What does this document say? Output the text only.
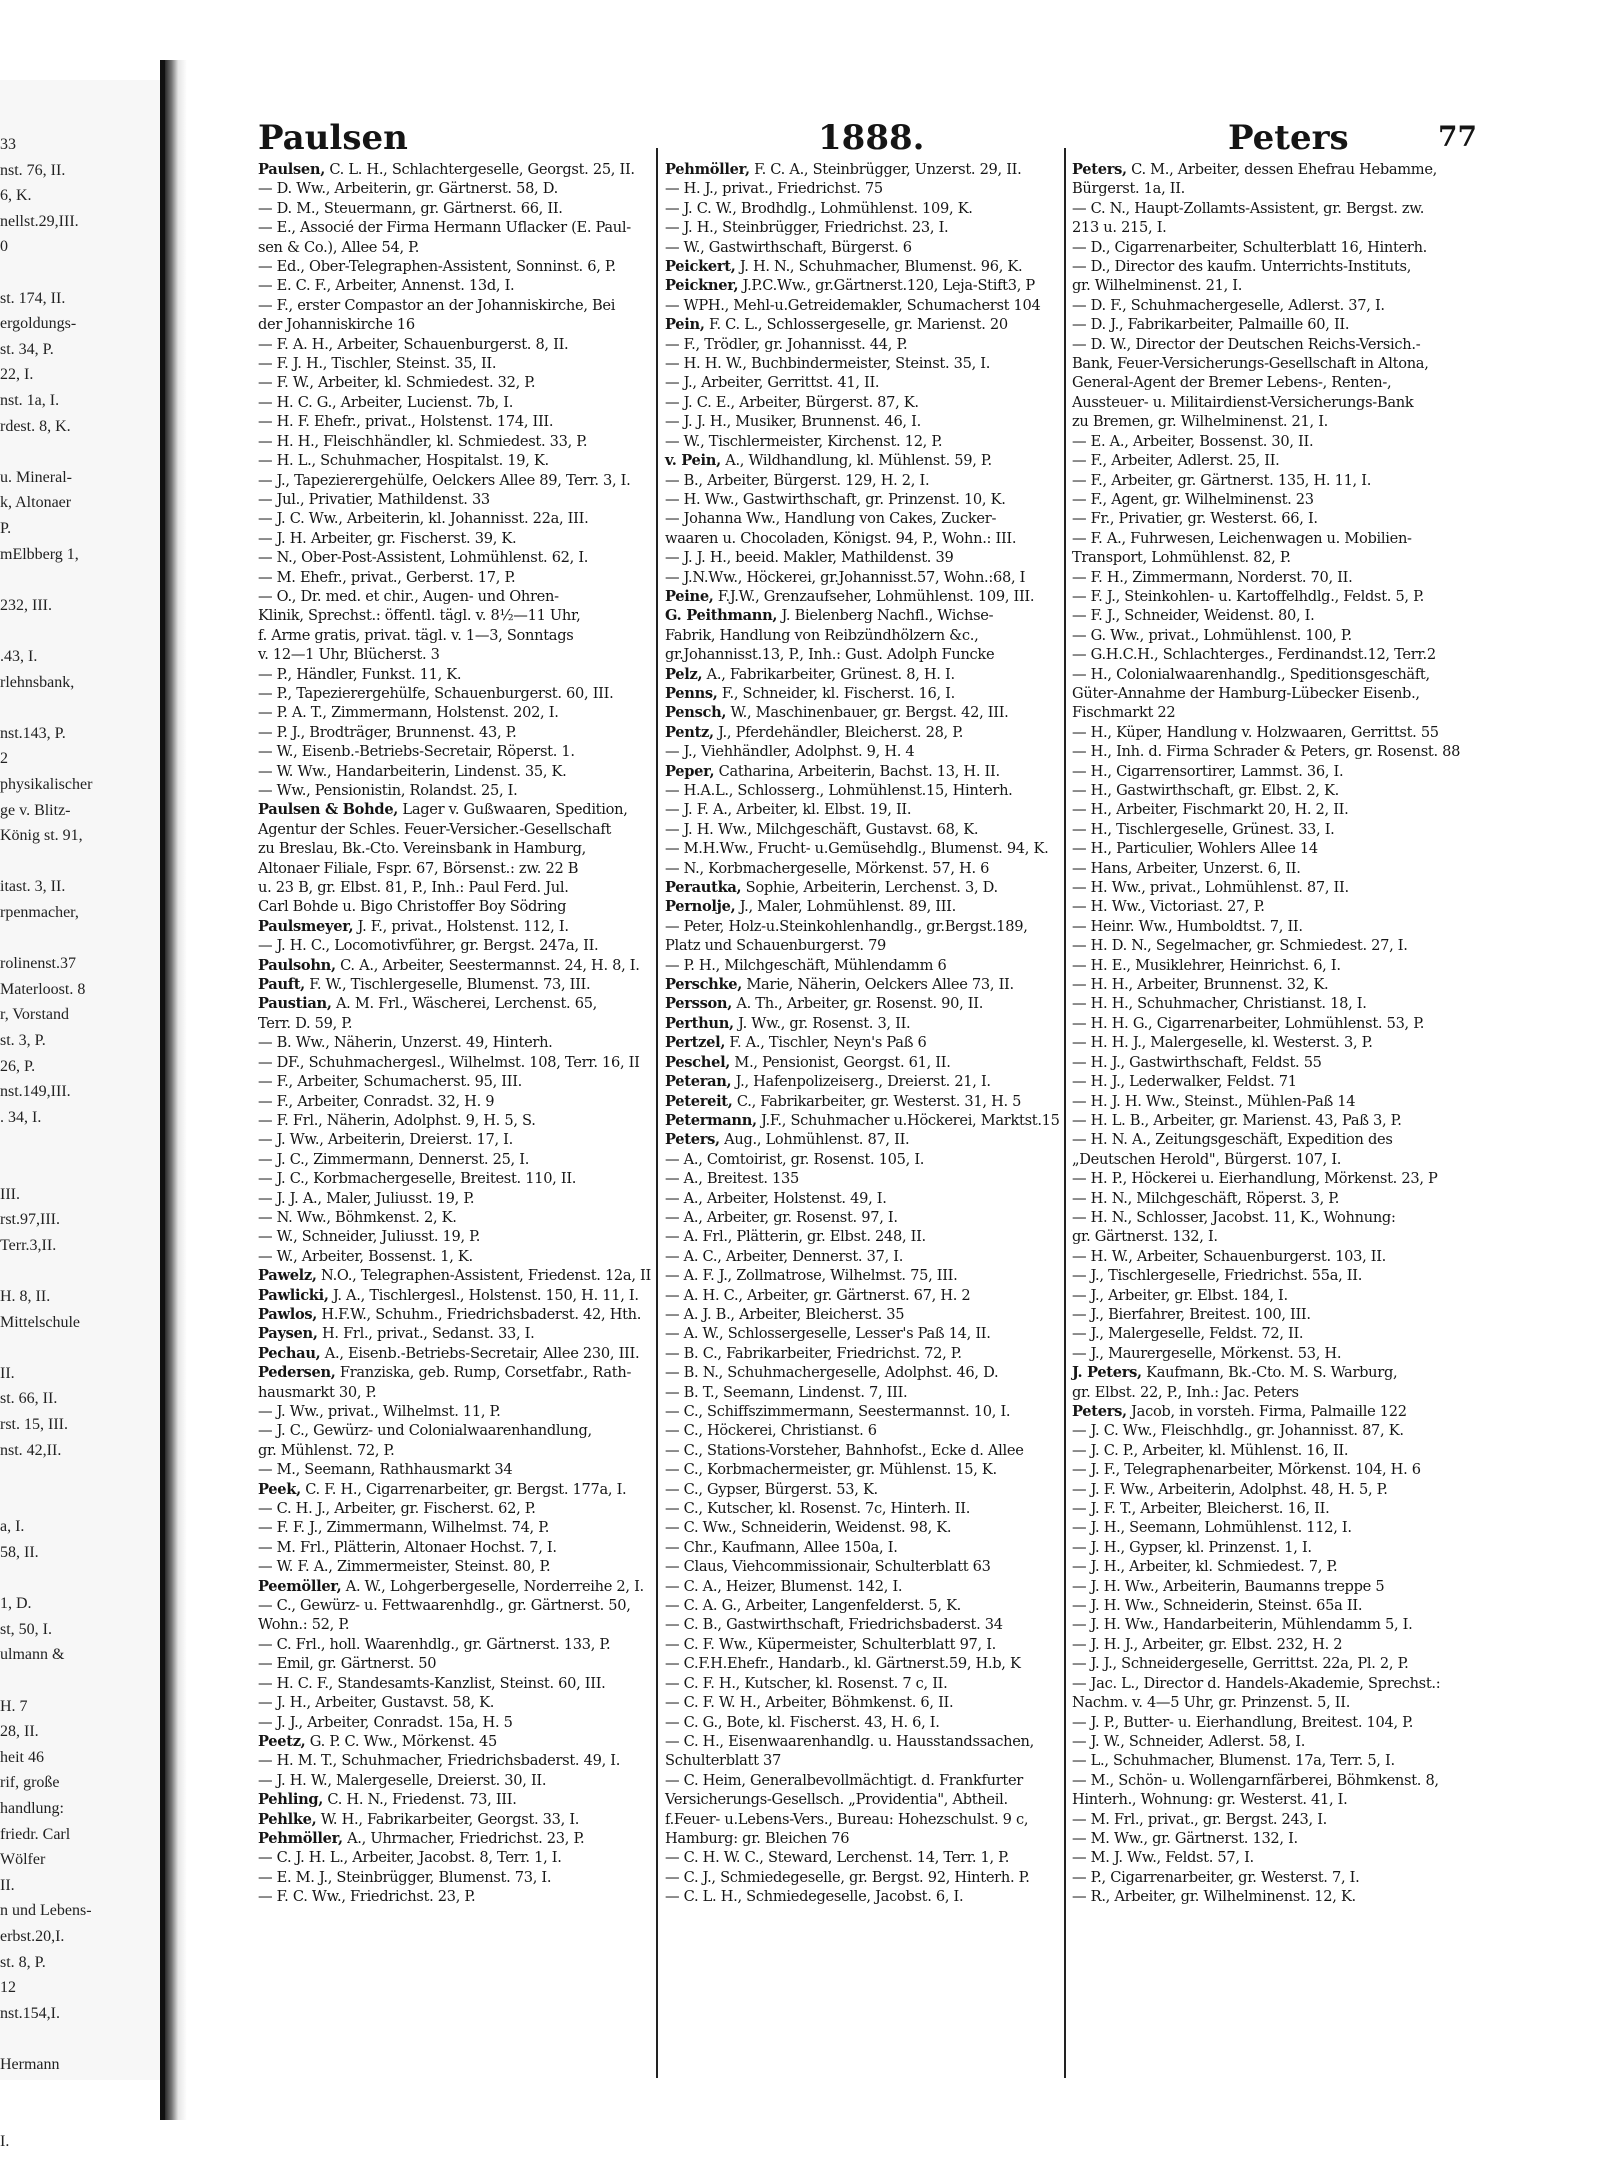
33
nst. 76, II.
6, K.
nellst.29,III.
0
st. 174, II.
ergoldungs-
st. 34, P.
22, I.
nst. 1a, I.
rdest. 8, K.
u. Mineral-
k, Altonaer
P.
mElbberg 1,
232, III.
.43, I.
rlehnsbank,
nst.143, P.
2
physikalischer
ge v. Blitz-
König st. 91,
itast. 3, II.
rpenmacher,
rolinenst.37
Materloost. 8
r, Vorstand
st. 3, P.
26, P.
nst.149,III.
. 34, I.
III.
rst.97,III.
Terr.3,II.
H. 8, II.
Mittelschule
II.
st. 66, II.
rst. 15, III.
nst. 42,II.
a, I.
58, II.
1, D.
st, 50, I.
ulmann &
H. 7
28, II.
heit 46
rif, große
handlung:
friedr. Carl
Wölfer
II.
n und Lebens-
erbst.20,I.
st. 8, P.
12
nst.154,I.
Hermann
I.
Paulsen	1888.	Peters	77
Paulsen, C. L. H., Schlachtergeselle, Georgst. 25, II.
— D. Ww., Arbeiterin, gr. Gärtnerst. 58, D.
— D. M., Steuermann, gr. Gärtnerst. 66, II.
— E., Associé der Firma Hermann Uflacker (E. Paul-
sen & Co.), Allee 54, P.
— Ed., Ober-Telegraphen-Assistent, Sonninst. 6, P.
— E. C. F., Arbeiter, Annenst. 13d, I.
— F., erster Compastor an der Johanniskirche, Bei
der Johanniskirche 16
— F. A. H., Arbeiter, Schauenburgerst. 8, II.
— F. J. H., Tischler, Steinst. 35, II.
— F. W., Arbeiter, kl. Schmiedest. 32, P.
— H. C. G., Arbeiter, Lucienst. 7b, I.
— H. F. Ehefr., privat., Holstenst. 174, III.
— H. H., Fleischhändler, kl. Schmiedest. 33, P.
— H. L., Schuhmacher, Hospitalst. 19, K.
— J., Tapezierergehülfe, Oelckers Allee 89, Terr. 3, I.
— Jul., Privatier, Mathildenst. 33
— J. C. Ww., Arbeiterin, kl. Johannisst. 22a, III.
— J. H. Arbeiter, gr. Fischerst. 39, K.
— N., Ober-Post-Assistent, Lohmühlenst. 62, I.
— M. Ehefr., privat., Gerberst. 17, P.
— O., Dr. med. et chir., Augen- und Ohren-
Klinik, Sprechst.: öffentl. tägl. v. 8½—11 Uhr,
f. Arme gratis, privat. tägl. v. 1—3, Sonntags
v. 12—1 Uhr, Blücherst. 3
— P., Händler, Funkst. 11, K.
— P., Tapezierergehülfe, Schauenburgerst. 60, III.
— P. A. T., Zimmermann, Holstenst. 202, I.
— P. J., Brodträger, Brunnenst. 43, P.
— W., Eisenb.-Betriebs-Secretair, Röperst. 1.
— W. Ww., Handarbeiterin, Lindenst. 35, K.
— Ww., Pensionistin, Rolandst. 25, I.
Paulsen & Bohde, Lager v. Gußwaaren, Spedition,
Agentur der Schles. Feuer-Versicher.-Gesellschaft
zu Breslau, Bk.-Cto. Vereinsbank in Hamburg,
Altonaer Filiale, Fspr. 67, Börsenst.: zw. 22 B
u. 23 B, gr. Elbst. 81, P., Inh.: Paul Ferd. Jul.
Carl Bohde u. Bigo Christoffer Boy Södring
Paulsmeyer, J. F., privat., Holstenst. 112, I.
— J. H. C., Locomotivführer, gr. Bergst. 247a, II.
Paulsohn, C. A., Arbeiter, Seestermannst. 24, H. 8, I.
Pauft, F. W., Tischlergeselle, Blumenst. 73, III.
Paustian, A. M. Frl., Wäscherei, Lerchenst. 65,
Terr. D. 59, P.
— B. Ww., Näherin, Unzerst. 49, Hinterh.
— DF., Schuhmachergesl., Wilhelmst. 108, Terr. 16, II
— F., Arbeiter, Schumacherst. 95, III.
— F., Arbeiter, Conradst. 32, H. 9
— F. Frl., Näherin, Adolphst. 9, H. 5, S.
— J. Ww., Arbeiterin, Dreierst. 17, I.
— J. C., Zimmermann, Dennerst. 25, I.
— J. C., Korbmachergeselle, Breitest. 110, II.
— J. J. A., Maler, Juliusst. 19, P.
— N. Ww., Böhmkenst. 2, K.
— W., Schneider, Juliusst. 19, P.
— W., Arbeiter, Bossenst. 1, K.
Pawelz, N.O., Telegraphen-Assistent, Friedenst. 12a, II
Pawlicki, J. A., Tischlergesl., Holstenst. 150, H. 11, I.
Pawlos, H.F.W., Schuhm., Friedrichsbaderst. 42, Hth.
Paysen, H. Frl., privat., Sedanst. 33, I.
Pechau, A., Eisenb.-Betriebs-Secretair, Allee 230, III.
Pedersen, Franziska, geb. Rump, Corsetfabr., Rath-
hausmarkt 30, P.
— J. Ww., privat., Wilhelmst. 11, P.
— J. C., Gewürz- und Colonialwaarenhandlung,
gr. Mühlenst. 72, P.
— M., Seemann, Rathhausmarkt 34
Peek, C. F. H., Cigarrenarbeiter, gr. Bergst. 177a, I.
— C. H. J., Arbeiter, gr. Fischerst. 62, P.
— F. F. J., Zimmermann, Wilhelmst. 74, P.
— M. Frl., Plätterin, Altonaer Hochst. 7, I.
— W. F. A., Zimmermeister, Steinst. 80, P.
Peemöller, A. W., Lohgerbergeselle, Norderreihe 2, I.
— C., Gewürz- u. Fettwaarenhdlg., gr. Gärtnerst. 50,
Wohn.: 52, P.
— C. Frl., holl. Waarenhdlg., gr. Gärtnerst. 133, P.
— Emil, gr. Gärtnerst. 50
— H. C. F., Standesamts-Kanzlist, Steinst. 60, III.
— J. H., Arbeiter, Gustavst. 58, K.
— J. J., Arbeiter, Conradst. 15a, H. 5
Peetz, G. P. C. Ww., Mörkenst. 45
— H. M. T., Schuhmacher, Friedrichsbaderst. 49, I.
— J. H. W., Malergeselle, Dreierst. 30, II.
Pehling, C. H. N., Friedenst. 73, III.
Pehlke, W. H., Fabrikarbeiter, Georgst. 33, I.
Pehmöller, A., Uhrmacher, Friedrichst. 23, P.
— C. J. H. L., Arbeiter, Jacobst. 8, Terr. 1, I.
— E. M. J., Steinbrügger, Blumenst. 73, I.
— F. C. Ww., Friedrichst. 23, P.
Pehmöller, F. C. A., Steinbrügger, Unzerst. 29, II.
— H. J., privat., Friedrichst. 75
— J. C. W., Brodhdlg., Lohmühlenst. 109, K.
— J. H., Steinbrügger, Friedrichst. 23, I.
— W., Gastwirthschaft, Bürgerst. 6
Peickert, J. H. N., Schuhmacher, Blumenst. 96, K.
Peickner, J.P.C.Ww., gr.Gärtnerst.120, Leja-Stift3, P
— WPH., Mehl-u.Getreidemakler, Schumacherst 104
Pein, F. C. L., Schlossergeselle, gr. Marienst. 20
— F., Trödler, gr. Johannisst. 44, P.
— H. H. W., Buchbindermeister, Steinst. 35, I.
— J., Arbeiter, Gerrittst. 41, II.
— J. C. E., Arbeiter, Bürgerst. 87, K.
— J. J. H., Musiker, Brunnenst. 46, I.
— W., Tischlermeister, Kirchenst. 12, P.
v. Pein, A., Wildhandlung, kl. Mühlenst. 59, P.
— B., Arbeiter, Bürgerst. 129, H. 2, I.
— H. Ww., Gastwirthschaft, gr. Prinzenst. 10, K.
— Johanna Ww., Handlung von Cakes, Zucker-
waaren u. Chocoladen, Königst. 94, P., Wohn.: III.
— J. J. H., beeid. Makler, Mathildenst. 39
— J.N.Ww., Höckerei, gr.Johannisst.57, Wohn.:68, I
Peine, F.J.W., Grenzaufseher, Lohmühlenst. 109, III.
G. Peithmann, J. Bielenberg Nachfl., Wichse-
Fabrik, Handlung von Reibzündhölzern &c.,
gr.Johannisst.13, P., Inh.: Gust. Adolph Funcke
Pelz, A., Fabrikarbeiter, Grünest. 8, H. I.
Penns, F., Schneider, kl. Fischerst. 16, I.
Pensch, W., Maschinenbauer, gr. Bergst. 42, III.
Pentz, J., Pferdehändler, Bleicherst. 28, P.
— J., Viehhändler, Adolphst. 9, H. 4
Peper, Catharina, Arbeiterin, Bachst. 13, H. II.
— H.A.L., Schlosserg., Lohmühlenst.15, Hinterh.
— J. F. A., Arbeiter, kl. Elbst. 19, II.
— J. H. Ww., Milchgeschäft, Gustavst. 68, K.
— M.H.Ww., Frucht- u.Gemüsehdlg., Blumenst. 94, K.
— N., Korbmachergeselle, Mörkenst. 57, H. 6
Perautka, Sophie, Arbeiterin, Lerchenst. 3, D.
Pernolje, J., Maler, Lohmühlenst. 89, III.
— Peter, Holz-u.Steinkohlenhandlg., gr.Bergst.189,
Platz und Schauenburgerst. 79
— P. H., Milchgeschäft, Mühlendamm 6
Perschke, Marie, Näherin, Oelckers Allee 73, II.
Persson, A. Th., Arbeiter, gr. Rosenst. 90, II.
Perthun, J. Ww., gr. Rosenst. 3, II.
Pertzel, F. A., Tischler, Neyn's Paß 6
Peschel, M., Pensionist, Georgst. 61, II.
Peteran, J., Hafenpolizeiserg., Dreierst. 21, I.
Petereit, C., Fabrikarbeiter, gr. Westerst. 31, H. 5
Petermann, J.F., Schuhmacher u.Höckerei, Marktst.15
Peters, Aug., Lohmühlenst. 87, II.
— A., Comtoirist, gr. Rosenst. 105, I.
— A., Breitest. 135
— A., Arbeiter, Holstenst. 49, I.
— A., Arbeiter, gr. Rosenst. 97, I.
— A. Frl., Plätterin, gr. Elbst. 248, II.
— A. C., Arbeiter, Dennerst. 37, I.
— A. F. J., Zollmatrose, Wilhelmst. 75, III.
— A. H. C., Arbeiter, gr. Gärtnerst. 67, H. 2
— A. J. B., Arbeiter, Bleicherst. 35
— A. W., Schlossergeselle, Lesser's Paß 14, II.
— B. C., Fabrikarbeiter, Friedrichst. 72, P.
— B. N., Schuhmachergeselle, Adolphst. 46, D.
— B. T., Seemann, Lindenst. 7, III.
— C., Schiffszimmermann, Seestermannst. 10, I.
— C., Höckerei, Christianst. 6
— C., Stations-Vorsteher, Bahnhofst., Ecke d. Allee
— C., Korbmachermeister, gr. Mühlenst. 15, K.
— C., Gypser, Bürgerst. 53, K.
— C., Kutscher, kl. Rosenst. 7c, Hinterh. II.
— C. Ww., Schneiderin, Weidenst. 98, K.
— Chr., Kaufmann, Allee 150a, I.
— Claus, Viehcommissionair, Schulterblatt 63
— C. A., Heizer, Blumenst. 142, I.
— C. A. G., Arbeiter, Langenfelderst. 5, K.
— C. B., Gastwirthschaft, Friedrichsbaderst. 34
— C. F. Ww., Küpermeister, Schulterblatt 97, I.
— C.F.H.Ehefr., Handarb., kl. Gärtnerst.59, H.b, K
— C. F. H., Kutscher, kl. Rosenst. 7 c, II.
— C. F. W. H., Arbeiter, Böhmkenst. 6, II.
— C. G., Bote, kl. Fischerst. 43, H. 6, I.
— C. H., Eisenwaarenhandlg. u. Hausstandssachen,
Schulterblatt 37
— C. Heim, Generalbevollmächtigt. d. Frankfurter
Versicherungs-Gesellsch. „Providentia", Abtheil.
f.Feuer- u.Lebens-Vers., Bureau: Hohezschulst. 9 c,
Hamburg: gr. Bleichen 76
— C. H. W. C., Steward, Lerchenst. 14, Terr. 1, P.
— C. J., Schmiedegeselle, gr. Bergst. 92, Hinterh. P.
— C. L. H., Schmiedegeselle, Jacobst. 6, I.
Peters, C. M., Arbeiter, dessen Ehefrau Hebamme,
Bürgerst. 1a, II.
— C. N., Haupt-Zollamts-Assistent, gr. Bergst. zw.
213 u. 215, I.
— D., Cigarrenarbeiter, Schulterblatt 16, Hinterh.
— D., Director des kaufm. Unterrichts-Instituts,
gr. Wilhelminenst. 21, I.
— D. F., Schuhmachergeselle, Adlerst. 37, I.
— D. J., Fabrikarbeiter, Palmaille 60, II.
— D. W., Director der Deutschen Reichs-Versich.-
Bank, Feuer-Versicherungs-Gesellschaft in Altona,
General-Agent der Bremer Lebens-, Renten-,
Aussteuer- u. Militairdienst-Versicherungs-Bank
zu Bremen, gr. Wilhelminenst. 21, I.
— E. A., Arbeiter, Bossenst. 30, II.
— F., Arbeiter, Adlerst. 25, II.
— F., Arbeiter, gr. Gärtnerst. 135, H. 11, I.
— F., Agent, gr. Wilhelminenst. 23
— Fr., Privatier, gr. Westerst. 66, I.
— F. A., Fuhrwesen, Leichenwagen u. Mobilien-
Transport, Lohmühlenst. 82, P.
— F. H., Zimmermann, Norderst. 70, II.
— F. J., Steinkohlen- u. Kartoffelhdlg., Feldst. 5, P.
— F. J., Schneider, Weidenst. 80, I.
— G. Ww., privat., Lohmühlenst. 100, P.
— G.H.C.H., Schlachterges., Ferdinandst.12, Terr.2
— H., Colonialwaarenhandlg., Speditionsgeschäft,
Güter-Annahme der Hamburg-Lübecker Eisenb.,
Fischmarkt 22
— H., Küper, Handlung v. Holzwaaren, Gerrittst. 55
— H., Inh. d. Firma Schrader & Peters, gr. Rosenst. 88
— H., Cigarrensortirer, Lammst. 36, I.
— H., Gastwirthschaft, gr. Elbst. 2, K.
— H., Arbeiter, Fischmarkt 20, H. 2, II.
— H., Tischlergeselle, Grünest. 33, I.
— H., Particulier, Wohlers Allee 14
— Hans, Arbeiter, Unzerst. 6, II.
— H. Ww., privat., Lohmühlenst. 87, II.
— H. Ww., Victoriast. 27, P.
— Heinr. Ww., Humboldtst. 7, II.
— H. D. N., Segelmacher, gr. Schmiedest. 27, I.
— H. E., Musiklehrer, Heinrichst. 6, I.
— H. H., Arbeiter, Brunnenst. 32, K.
— H. H., Schuhmacher, Christianst. 18, I.
— H. H. G., Cigarrenarbeiter, Lohmühlenst. 53, P.
— H. H. J., Malergeselle, kl. Westerst. 3, P.
— H. J., Gastwirthschaft, Feldst. 55
— H. J., Lederwalker, Feldst. 71
— H. J. H. Ww., Steinst., Mühlen-Paß 14
— H. L. B., Arbeiter, gr. Marienst. 43, Paß 3, P.
— H. N. A., Zeitungsgeschäft, Expedition des
„Deutschen Herold", Bürgerst. 107, I.
— H. P., Höckerei u. Eierhandlung, Mörkenst. 23, P
— H. N., Milchgeschäft, Röperst. 3, P.
— H. N., Schlosser, Jacobst. 11, K., Wohnung:
gr. Gärtnerst. 132, I.
— H. W., Arbeiter, Schauenburgerst. 103, II.
— J., Tischlergeselle, Friedrichst. 55a, II.
— J., Arbeiter, gr. Elbst. 184, I.
— J., Bierfahrer, Breitest. 100, III.
— J., Malergeselle, Feldst. 72, II.
— J., Maurergeselle, Mörkenst. 53, H.
J. Peters, Kaufmann, Bk.-Cto. M. S. Warburg,
gr. Elbst. 22, P., Inh.: Jac. Peters
Peters, Jacob, in vorsteh. Firma, Palmaille 122
— J. C. Ww., Fleischhdlg., gr. Johannisst. 87, K.
— J. C. P., Arbeiter, kl. Mühlenst. 16, II.
— J. F., Telegraphenarbeiter, Mörkenst. 104, H. 6
— J. F. Ww., Arbeiterin, Adolphst. 48, H. 5, P.
— J. F. T., Arbeiter, Bleicherst. 16, II.
— J. H., Seemann, Lohmühlenst. 112, I.
— J. H., Gypser, kl. Prinzenst. 1, I.
— J. H., Arbeiter, kl. Schmiedest. 7, P.
— J. H. Ww., Arbeiterin, Baumanns treppe 5
— J. H. Ww., Schneiderin, Steinst. 65a II.
— J. H. Ww., Handarbeiterin, Mühlendamm 5, I.
— J. H. J., Arbeiter, gr. Elbst. 232, H. 2
— J. J., Schneidergeselle, Gerrittst. 22a, Pl. 2, P.
— Jac. L., Director d. Handels-Akademie, Sprechst.:
Nachm. v. 4—5 Uhr, gr. Prinzenst. 5, II.
— J. P., Butter- u. Eierhandlung, Breitest. 104, P.
— J. W., Schneider, Adlerst. 58, I.
— L., Schuhmacher, Blumenst. 17a, Terr. 5, I.
— M., Schön- u. Wollengarnfärberei, Böhmkenst. 8,
Hinterh., Wohnung: gr. Westerst. 41, I.
— M. Frl., privat., gr. Bergst. 243, I.
— M. Ww., gr. Gärtnerst. 132, I.
— M. J. Ww., Feldst. 57, I.
— P., Cigarrenarbeiter, gr. Westerst. 7, I.
— R., Arbeiter, gr. Wilhelminenst. 12, K.
